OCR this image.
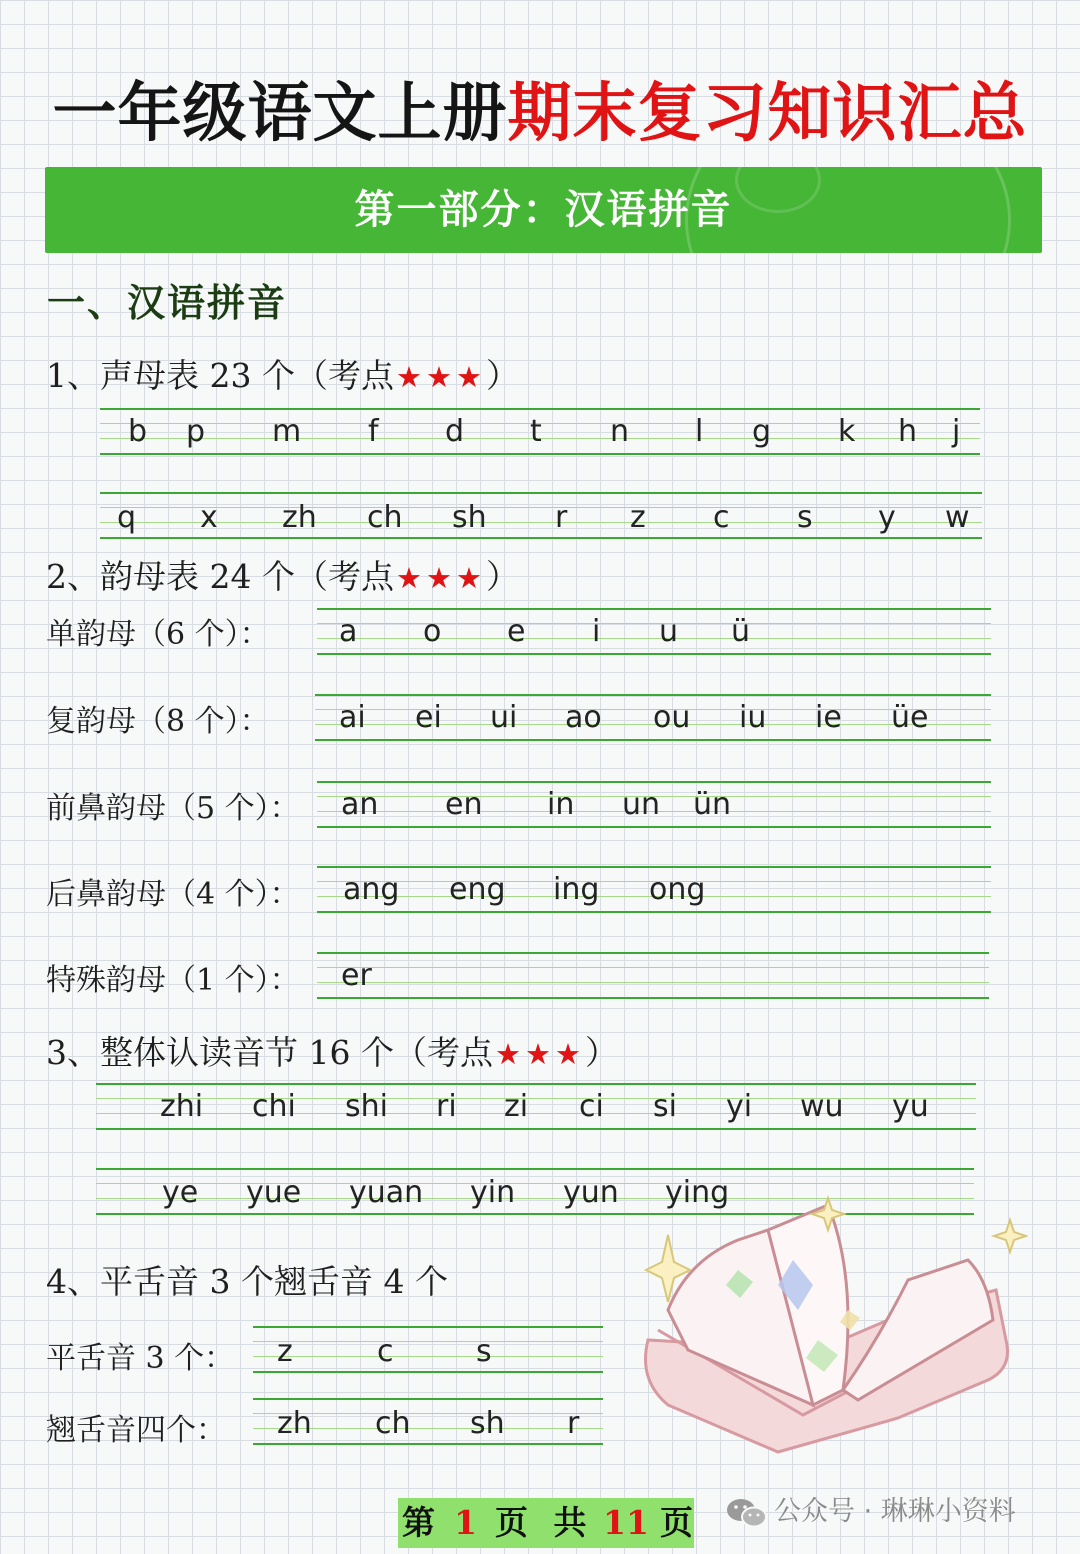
一年级语文上册期末复习知识汇总
第一部分：汉语拼音
一、汉语拼音
1、声母表 23 个（考点★★★）
b p m f d t n l g k h j
q x zh ch sh r z c s y w
2、韵母表 24 个（考点★★★）
单韵母（6 个）： a o e i u ü
复韵母（8 个）： ai ei ui ao ou iu ie üe
前鼻韵母（5 个）： an en in un ün
后鼻韵母（4 个）： ang eng ing ong
特殊韵母（1 个）： er
3、整体认读音节 16 个（考点★★★）
zhi chi shi ri zi ci si yi wu yu
ye yue yuan yin yun ying
4、平舌音 3 个翘舌音 4 个
平舌音 3 个： z	c	s
翘舌音四个： zh ch sh r
第 1 页 共 11 页	公众号 · 琳琳小资料
